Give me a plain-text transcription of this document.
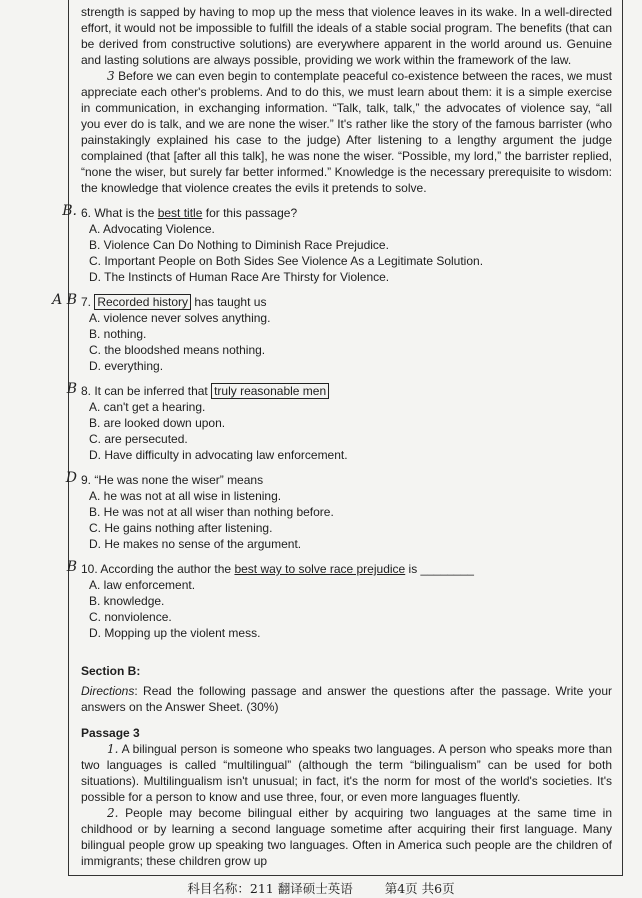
strength is sapped by having to mop up the mess that violence leaves in its wake. In a well-directed effort, it would not be impossible to fulfill the ideals of a stable social program. The benefits (that can be derived from constructive solutions) are everywhere apparent in the world around us. Genuine and lasting solutions are always possible, providing we work within the framework of the law.

3 Before we can even begin to contemplate peaceful co-existence between the races, we must appreciate each other's problems. And to do this, we must learn about them: it is a simple exercise in communication, in exchanging information. “Talk, talk, talk,” the advocates of violence say, “all you ever do is talk, and we are none the wiser.” It's rather like the story of the famous barrister (who painstakingly explained his case to the judge) After listening to a lengthy argument the judge complained (that [after all this talk], he was none the wiser. “Possible, my lord,” the barrister replied, “none the wiser, but surely far better informed.” Knowledge is the necessary prerequisite to wisdom: the knowledge that violence creates the evils it pretends to solve.

B. 6. What is the best title for this passage?
A. Advocating Violence.
B. Violence Can Do Nothing to Diminish Race Prejudice.
C. Important People on Both Sides See Violence As a Legitimate Solution.
D. The Instincts of Human Race Are Thirsty for Violence.
A B 7. Recorded history has taught us
A. violence never solves anything.
B. nothing.
C. the bloodshed means nothing.
D. everything.
B 8. It can be inferred that truly reasonable men
A. can't get a hearing.
B. are looked down upon.
C. are persecuted.
D. Have difficulty in advocating law enforcement.
D 9. “He was none the wiser” means
A. he was not at all wise in listening.
B. He was not at all wiser than nothing before.
C. He gains nothing after listening.
D. He makes no sense of the argument.
B 10. According the author the best way to solve race prejudice is ________
A. law enforcement.
B. knowledge.
C. nonviolence.
D. Mopping up the violent mess.
Section B:

Directions: Read the following passage and answer the questions after the passage. Write your answers on the Answer Sheet. (30%)

Passage 3

1. A bilingual person is someone who speaks two languages. A person who speaks more than two languages is called “multilingual” (although the term “bilingualism” can be used for both situations). Multilingualism isn't unusual; in fact, it's the norm for most of the world's societies. It's possible for a person to know and use three, four, or even more languages fluently.

2. People may become bilingual either by acquiring two languages at the same time in childhood or by learning a second language sometime after acquiring their first language. Many bilingual people grow up speaking two languages. Often in America such people are the children of immigrants; these children grow up

科目名称：211 翻译硕士英语	第4页 共6页
